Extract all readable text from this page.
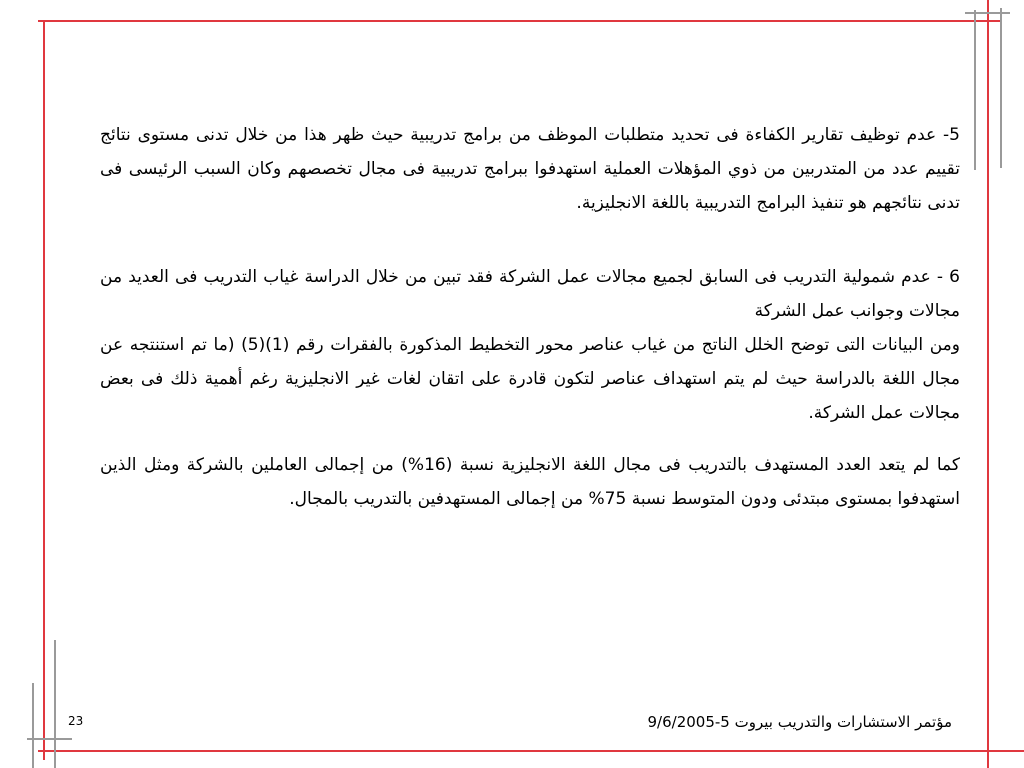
5- عدم توظيف تقارير الكفاءة فى تحديد متطلبات الموظف من برامج تدريبية حيث ظهر هذا من خلال تدنى مستوى نتائج تقييم عدد من المتدربين من ذوي المؤهلات العملية استهدفوا ببرامج تدريبية فى مجال تخصصهم وكان السبب الرئيسى فى تدنى نتائجهم هو تنفيذ البرامج التدريبية باللغة الانجليزية.
6 - عدم شمولية التدريب فى السابق لجميع مجالات عمل الشركة فقد تبين من خلال الدراسة غياب التدريب فى العديد من مجالات وجوانب عمل الشركة
ومن البيانات التى توضح الخلل الناتج من غياب عناصر محور التخطيط المذكورة بالفقرات رقم (1)(5) (ما تم استنتجه عن مجال اللغة بالدراسة حيث لم يتم استهداف عناصر لتكون قادرة على اتقان لغات غير الانجليزية رغم أهمية ذلك فى بعض مجالات عمل الشركة.
كما لم يتعد العدد المستهدف بالتدريب فى مجال اللغة الانجليزية نسبة (16%) من إجمالى العاملين بالشركة ومثل الذين استهدفوا بمستوى مبتدئى ودون المتوسط نسبة 75% من إجمالى المستهدفين بالتدريب بالمجال.
مؤتمر الاستشارات والتدريب بيروت 5-9/6/2005
23
